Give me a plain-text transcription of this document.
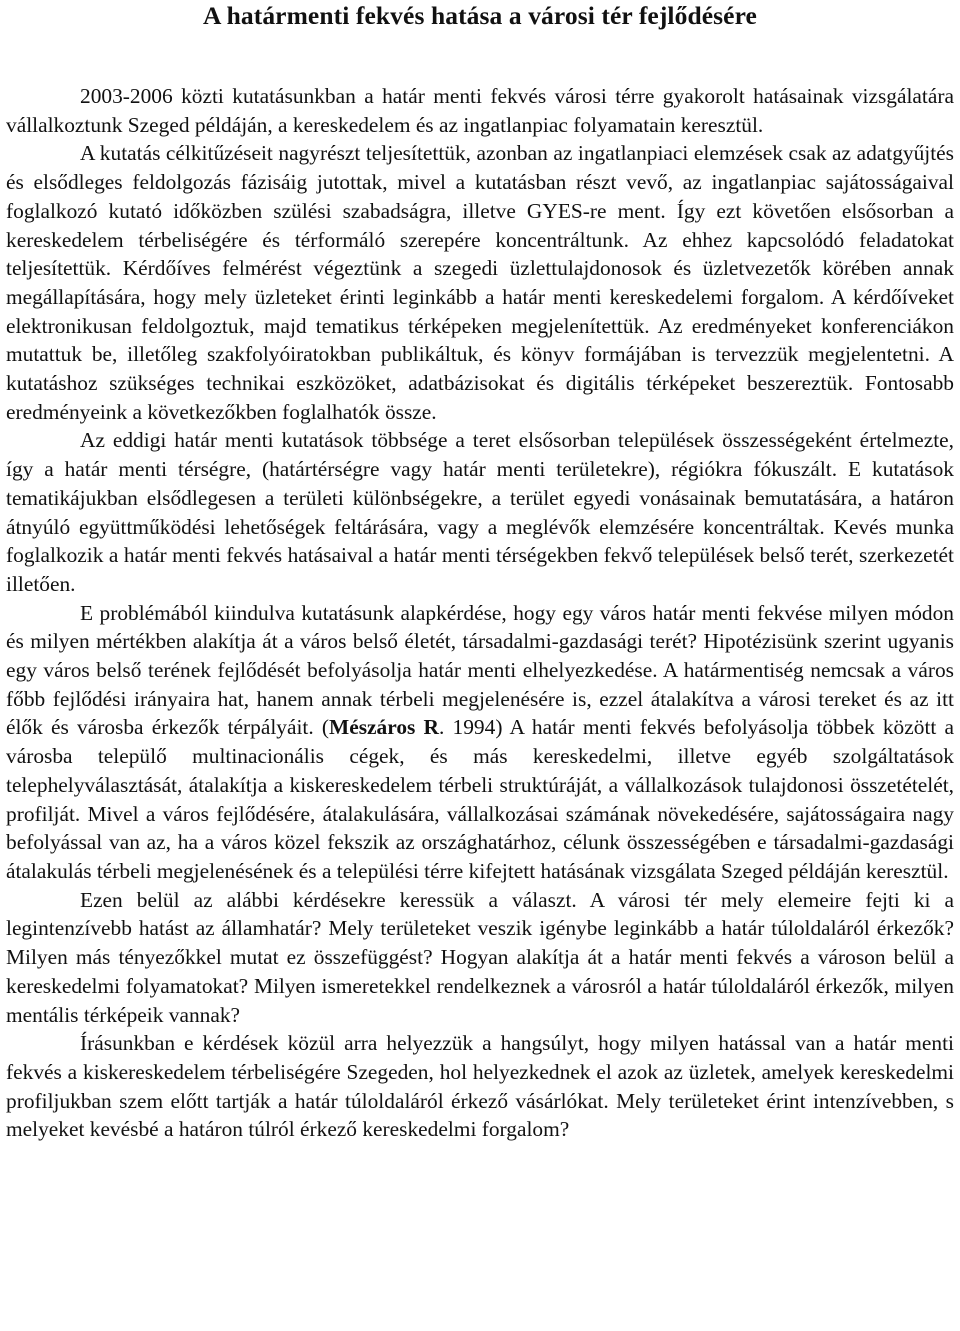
A határmenti fekvés hatása a városi tér fejlődésére

2003-2006 közti kutatásunkban a határ menti fekvés városi térre gyakorolt hatásainak vizsgálatára vállalkoztunk Szeged példáján, a kereskedelem és az ingatlanpiac folyamatain keresztül.

A kutatás célkitűzéseit nagyrészt teljesítettük, azonban az ingatlanpiaci elemzések csak az adatgyűjtés és elsődleges feldolgozás fázisáig jutottak, mivel a kutatásban részt vevő, az ingatlanpiac sajátosságaival foglalkozó kutató időközben szülési szabadságra, illetve GYES-re ment. Így ezt követően elsősorban a kereskedelem térbeliségére és térformáló szerepére koncentráltunk. Az ehhez kapcsolódó feladatokat teljesítettük. Kérdőíves felmérést végeztünk a szegedi üzlettulajdonosok és üzletvezetők körében annak megállapítására, hogy mely üzleteket érinti leginkább a határ menti kereskedelemi forgalom. A kérdőíveket elektronikusan feldolgoztuk, majd tematikus térképeken megjelenítettük. Az eredményeket konferenciákon mutattuk be, illetőleg szakfolyóiratokban publikáltuk, és könyv formájában is tervezzük megjelentetni. A kutatáshoz szükséges technikai eszközöket, adatbázisokat és digitális térképeket beszereztük. Fontosabb eredményeink a következőkben foglalhatók össze.

Az eddigi határ menti kutatások többsége a teret elsősorban települések összességeként értelmezte, így a határ menti térségre, (határtérségre vagy határ menti területekre), régiókra fókuszált. E kutatások tematikájukban elsődlegesen a területi különbségekre, a terület egyedi vonásainak bemutatására, a határon átnyúló együttműködési lehetőségek feltárására, vagy a meglévők elemzésére koncentráltak. Kevés munka foglalkozik a határ menti fekvés hatásaival a határ menti térségekben fekvő települések belső terét, szerkezetét illetően.

E problémából kiindulva kutatásunk alapkérdése, hogy egy város határ menti fekvése milyen módon és milyen mértékben alakítja át a város belső életét, társadalmi-gazdasági terét? Hipotézisünk szerint ugyanis egy város belső terének fejlődését befolyásolja határ menti elhelyezkedése. A határmentiség nemcsak a város főbb fejlődési irányaira hat, hanem annak térbeli megjelenésére is, ezzel átalakítva a városi tereket és az itt élők és városba érkezők térpályáit. (Mészáros R. 1994) A határ menti fekvés befolyásolja többek között a városba települő multinacionális cégek, és más kereskedelmi, illetve egyéb szolgáltatások telephelyválasztását, átalakítja a kiskereskedelem térbeli struktúráját, a vállalkozások tulajdonosi összetételét, profilját. Mivel a város fejlődésére, átalakulására, vállalkozásai számának növekedésére, sajátosságaira nagy befolyással van az, ha a város közel fekszik az országhatárhoz, célunk összességében e társadalmi-gazdasági átalakulás térbeli megjelenésének és a települési térre kifejtett hatásának vizsgálata Szeged példáján keresztül.

Ezen belül az alábbi kérdésekre keressük a választ. A városi tér mely elemeire fejti ki a legintenzívebb hatást az államhatár? Mely területeket veszik igénybe leginkább a határ túloldaláról érkezők? Milyen más tényezőkkel mutat ez összefüggést? Hogyan alakítja át a határ menti fekvés a városon belül a kereskedelmi folyamatokat? Milyen ismeretekkel rendelkeznek a városról a határ túloldaláról érkezők, milyen mentális térképeik vannak?

Írásunkban e kérdések közül arra helyezzük a hangsúlyt, hogy milyen hatással van a határ menti fekvés a kiskereskedelem térbeliségére Szegeden, hol helyezkednek el azok az üzletek, amelyek kereskedelmi profiljukban szem előtt tartják a határ túloldaláról érkező vásárlókat. Mely területeket érint intenzívebben, s melyeket kevésbé a határon túlról érkező kereskedelmi forgalom?
